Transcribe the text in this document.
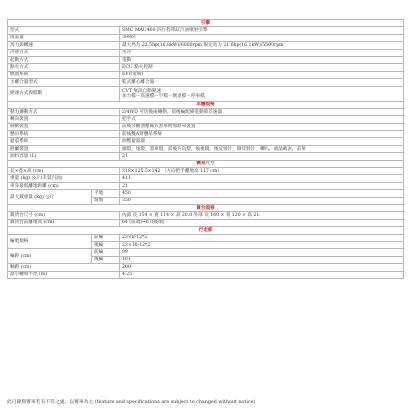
引擎		
型式		SMC MAU400 四行程單缸汽油噴射引擎
排氣量		399cc
馬力與轉速		最大馬力 22.5hp(16.8kW)/6000rpm 限定馬力 21.6hp(16.1kW)/5500rpm
冷卻方式		水冷
起動方式		電動
點火方式		ECU 點火控制
燃油系統		EFI(電噴)
主離合器型式		乾式離心離合器
變速方式與檔數		CVT 無段自動變速
加力檔－高速檔－空檔－倒退檔－停車檔

本體規格		
動力傳動方式		2/4WD 可切換兩傳動，前後輪配備電動節差速器
轉向裝置		把手式
制動裝置		前後分離油壓碟式煞車附加駐車裝置
懸吊系統		前後雙A臂懸吊系統
避震系統		油壓避震器
附屬裝置		頭燈，尾燈，煞車燈，前後方向燈，後視鏡，後反射片，側反射片，喇叭，液晶碼表，前單
油料容量 (L)		21
機身尺寸		
長×寬×高 (cm)		318×125.5×142 （方向把手離地高 117 cm）
重量 (kg) 公斤(未裝汽油)		411
車身最低離地距離 (cm)		21
最大載重量 (kg) 公斤	平地	450
	坡地	350
貨台規格		
載貨台尺寸 (cm)		內部 長 154 × 寬 114 × 高 20.8 外部 長 160 × 寬 120 × 高 21
載貨台前離地高 (cm)		64 (前端)~67(後端)
行走部		
輪胎規格	前輪	23×8-12*2
	後輪	23×10-12*2
輪距 (cm)	前輪	99
	後輪	101
軸距 (cm)		200
最小轉彎半徑 (m)		4.25
此目錄與實車若有不符之處，以實車為主 (feature and specifications are subject to changed without notice)
